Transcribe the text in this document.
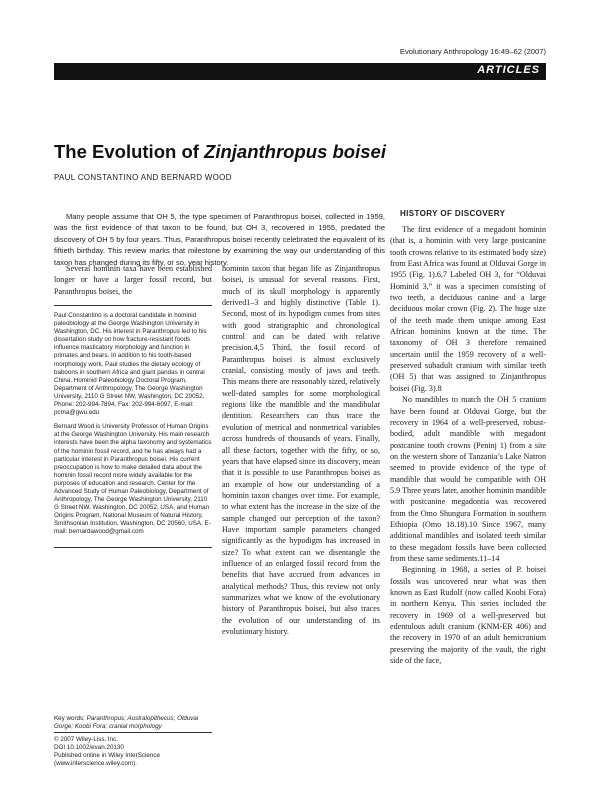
Evolutionary Anthropology 16:49–62 (2007)
ARTICLES
The Evolution of Zinjanthropus boisei
PAUL CONSTANTINO AND BERNARD WOOD
Many people assume that OH 5, the type specimen of Paranthropus boisei, collected in 1959, was the first evidence of that taxon to be found, but OH 3, recovered in 1955, predated the discovery of OH 5 by four years. Thus, Paranthropus boisei recently celebrated the equivalent of its fiftieth birthday. This review marks that milestone by examining the way our understanding of this taxon has changed during its fifty, or so, year history.

Several hominin taxa have been established longer or have a larger fossil record, but Paranthropus boisei, the

Paul Constantino is a doctoral candidate in hominid paleobiology at the George Washington University in Washington, DC. His interest in Paranthropus led to his dissertation study on how fracture-resistant foods influence masticatory morphology and function in primates and bears. In addition to his tooth-based morphology work, Paul studies the dietary ecology of baboons in southern Africa and giant pandas in central China. Hominid Paleobiology Doctoral Program, Department of Anthropology, The George Washington University, 2110 G Street NW, Washington, DC 20052. Phone: 202-994-7894, Fax: 202-994-6097, E-mail: pcma@gwu.edu

Bernard Wood is University Professor of Human Origins at the George Washington University. His main research interests have been the alpha taxonomy and systematics of the hominin fossil record, and he has always had a particular interest in Paranthropus boisei. His current preoccupation is how to make detailed data about the hominin fossil record more widely available for the purposes of education and research. Center for the Advanced Study of Human Paleobiology, Department of Anthropology, The George Washington University, 2110 G Street NW, Washington, DC 20052, USA, and Human Origins Program, National Museum of Natural History, Smithsonian Institution, Washington, DC 20560, USA. E-mail: bernardawood@gmail.com

© 2007 Wiley-Liss, Inc.
DOI 10.1002/evan.20130
Published online in Wiley InterScience
(www.interscience.wiley.com).
Key words: Paranthropus; Australopithecus; Olduvai Gorge; Koobi Fora; cranial morphology

hominin taxon that began life as Zinjanthropus boisei, is unusual for several reasons. First, much of its skull morphology is apparently derived1–3 and highly distinctive (Table 1). Second, most of its hypodigm comes from sites with good stratigraphic and chronological control and can be dated with relative precision.4,5 Third, the fossil record of Paranthropus boisei is almost exclusively cranial, consisting mostly of jaws and teeth. This means there are reasonably sized, relatively well-dated samples for some morphological regions like the mandible and the mandibular dentition. Researchers can thus trace the evolution of metrical and nonmetrical variables across hundreds of thousands of years. Finally, all these factors, together with the fifty, or so, years that have elapsed since its discovery, mean that it is possible to use Paranthropus boisei as an example of how our understanding of a hominin taxon changes over time. For example, to what extent has the increase in the size of the sample changed our perception of the taxon? Have important sample parameters changed significantly as the hypodigm has increased in size? To what extent can we disentangle the influence of an enlarged fossil record from the benefits that have accrued from advances in analytical methods? Thus, this review not only summarizes what we know of the evolutionary history of Paranthropus boisei, but also traces the evolution of our understanding of its evolutionary history.

HISTORY OF DISCOVERY

The first evidence of a megadont hominin (that is, a hominin with very large postcanine tooth crowns relative to its estimated body size) from East Africa was found at Olduvai Gorge in 1955 (Fig. 1).6,7 Labeled OH 3, for “Olduvai Hominid 3,” it was a specimen consisting of two teeth, a deciduous canine and a large deciduous molar crown (Fig. 2). The huge size of the teeth made them unique among East African hominins known at the time. The taxonomy of OH 3 therefore remained uncertain until the 1959 recovery of a well-preserved subadult cranium with similar teeth (OH 5) that was assigned to Zinjanthropus boisei (Fig. 3).8

No mandibles to match the OH 5 cranium have been found at Olduvai Gorge, but the recovery in 1964 of a well-preserved, robust-bodied, adult mandible with megadont postcanine tooth crowns (Peninj 1) from a site on the western shore of Tanzania’s Lake Natron seemed to provide evidence of the type of mandible that would be compatible with OH 5.9 Three years later, another hominin mandible with postcanine megadontia was recovered from the Omo Shungura Formation in southern Ethiopia (Omo 18.18).10 Since 1967, many additional mandibles and isolated teeth similar to these megadont fossils have been collected from these same sediments.11–14

Beginning in 1968, a series of P. boisei fossils was uncovered near what was then known as East Rudolf (now called Koobi Fora) in northern Kenya. This series included the recovery in 1969 of a well-preserved but edentulous adult cranium (KNM-ER 406) and the recovery in 1970 of an adult hemicranium preserving the majority of the vault, the right side of the face,
